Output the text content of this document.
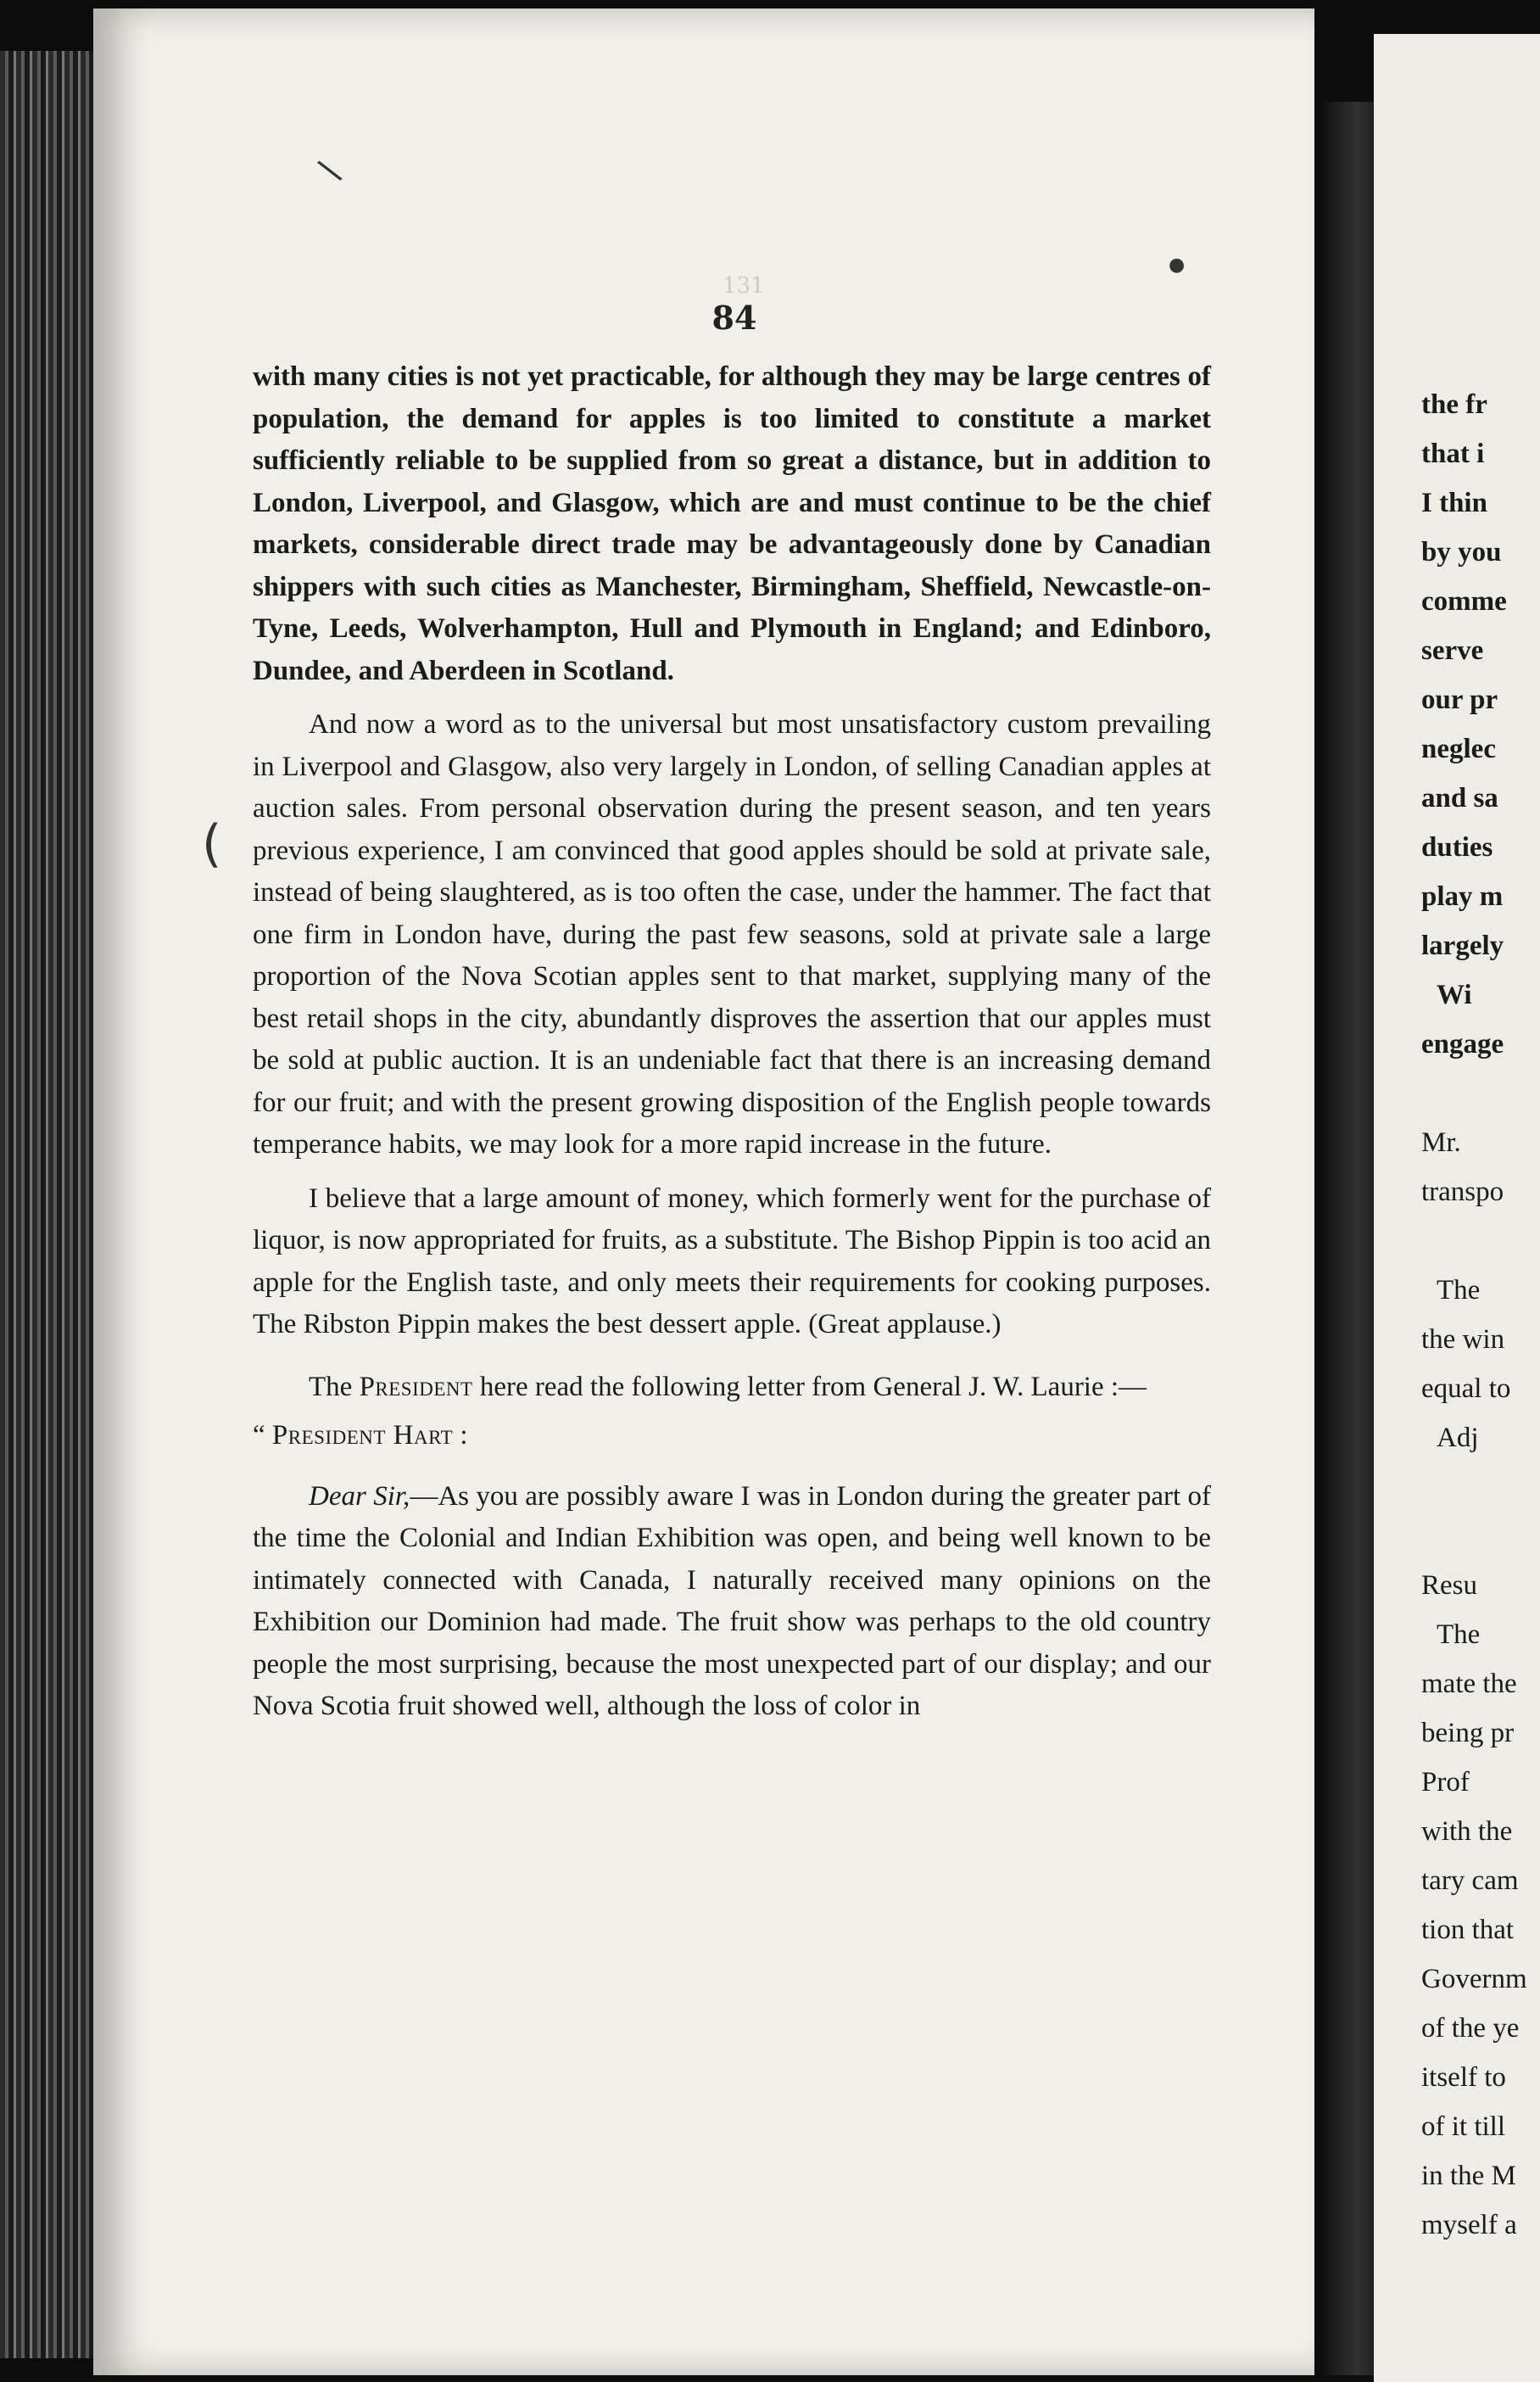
\
●
(
131
84

with many cities is not yet practicable, for although they may be large centres of population, the demand for apples is too limited to constitute a market sufficiently reliable to be supplied from so great a distance, but in addition to London, Liverpool, and Glasgow, which are and must continue to be the chief markets, considerable direct trade may be advantageously done by Canadian shippers with such cities as Manchester, Birmingham, Sheffield, Newcastle-on-Tyne, Leeds, Wolverhampton, Hull and Plymouth in England; and Edinboro, Dundee, and Aberdeen in Scotland.

And now a word as to the universal but most unsatisfactory custom prevailing in Liverpool and Glasgow, also very largely in London, of selling Canadian apples at auction sales. From personal observation during the present season, and ten years previous experience, I am convinced that good apples should be sold at private sale, instead of being slaughtered, as is too often the case, under the hammer. The fact that one firm in London have, during the past few seasons, sold at private sale a large proportion of the Nova Scotian apples sent to that market, supplying many of the best retail shops in the city, abundantly disproves the assertion that our apples must be sold at public auction. It is an undeniable fact that there is an increasing demand for our fruit; and with the present growing disposition of the English people towards temperance habits, we may look for a more rapid increase in the future.

I believe that a large amount of money, which formerly went for the purchase of liquor, is now appropriated for fruits, as a substitute. The Bishop Pippin is too acid an apple for the English taste, and only meets their requirements for cooking purposes. The Ribston Pippin makes the best dessert apple. (Great applause.)

The President here read the following letter from General J. W. Laurie :—

“ President Hart :

Dear Sir,—As you are possibly aware I was in London during the greater part of the time the Colonial and Indian Exhibition was open, and being well known to be intimately connected with Canada, I naturally received many opinions on the Exhibition our Dominion had made. The fruit show was perhaps to the old country people the most surprising, because the most unexpected part of our display; and our Nova Scotia fruit showed well, although the loss of color in

the fr
that i
I thin
by you
comme
serve
our pr
neglec
and sa
duties
play m
largely
Wi
engage
Mr.
transpo
The
the win
equal to
Adj
Resu
The
mate the
being pr
Prof
with the
tary cam
tion that
Governm
of the ye
itself to
of it till
in the M
myself a
